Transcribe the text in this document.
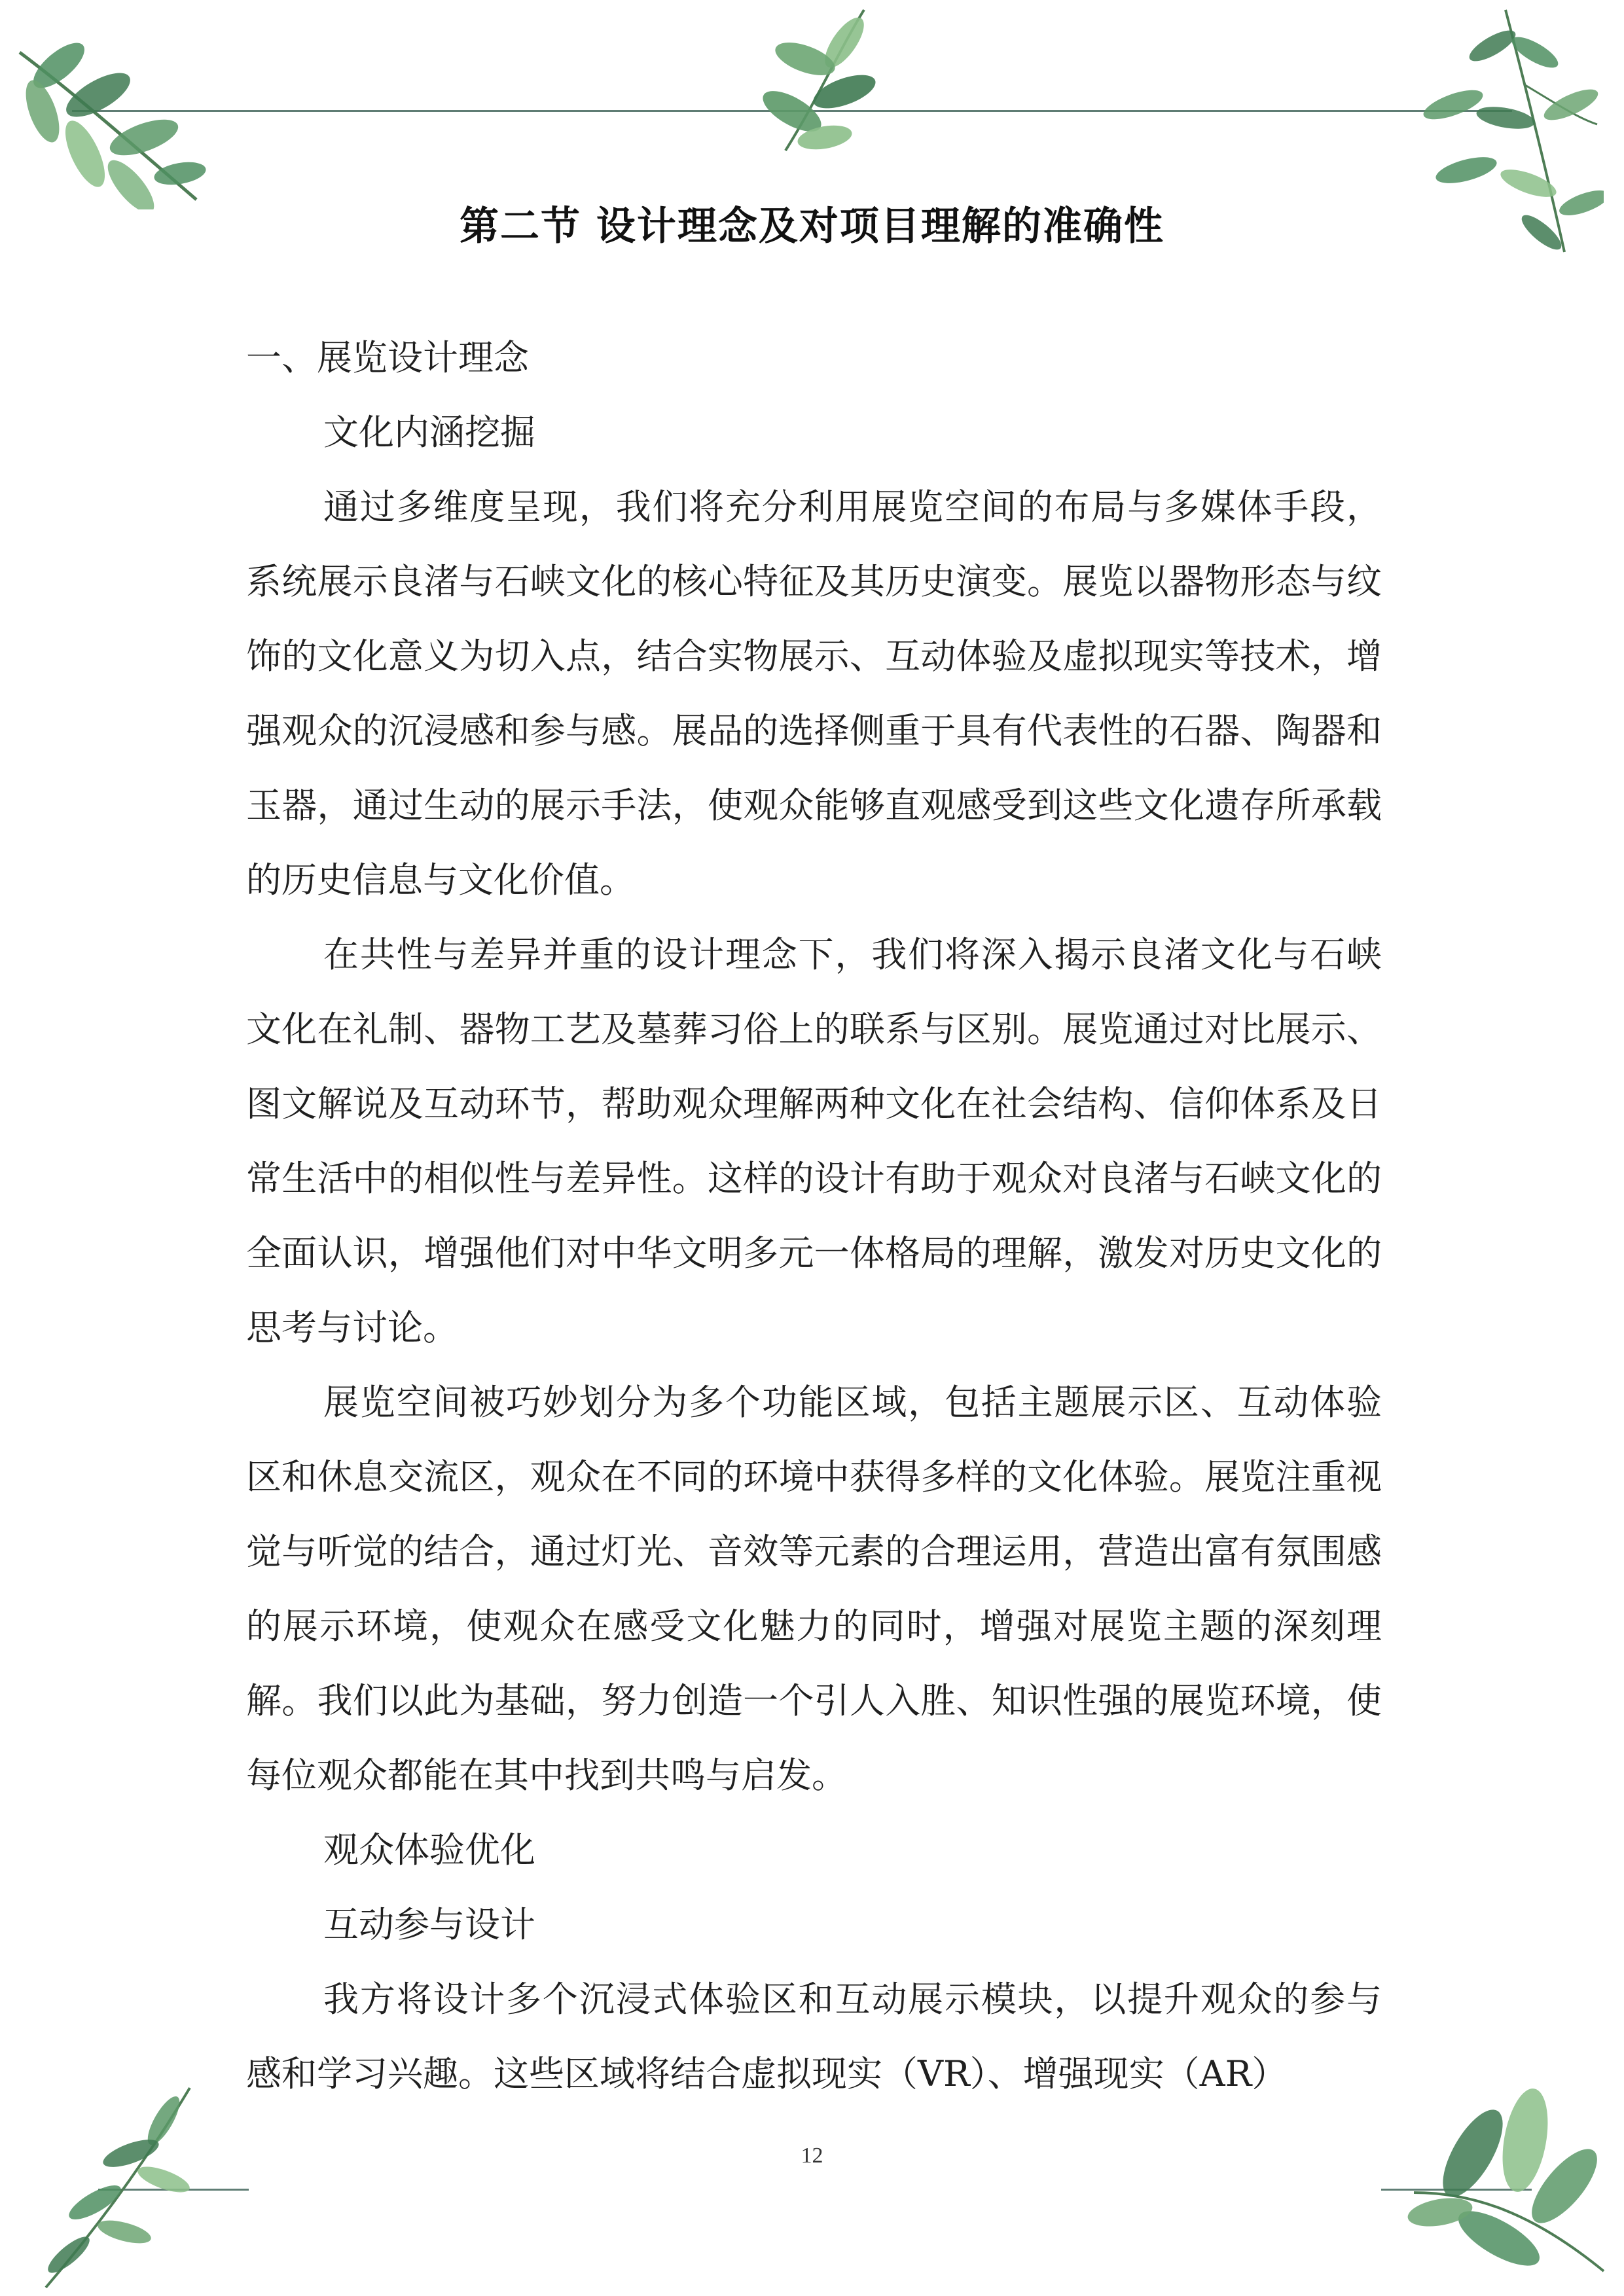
第二节 设计理念及对项目理解的准确性

一、展览设计理念

文化内涵挖掘

通过多维度呈现，我们将充分利用展览空间的布局与多媒体手段，系统展示良渚与石峡文化的核心特征及其历史演变。展览以器物形态与纹饰的文化意义为切入点，结合实物展示、互动体验及虚拟现实等技术，增强观众的沉浸感和参与感。展品的选择侧重于具有代表性的石器、陶器和玉器，通过生动的展示手法，使观众能够直观感受到这些文化遗存所承载的历史信息与文化价值。

在共性与差异并重的设计理念下，我们将深入揭示良渚文化与石峡文化在礼制、器物工艺及墓葬习俗上的联系与区别。展览通过对比展示、图文解说及互动环节，帮助观众理解两种文化在社会结构、信仰体系及日常生活中的相似性与差异性。这样的设计有助于观众对良渚与石峡文化的全面认识，增强他们对中华文明多元一体格局的理解，激发对历史文化的思考与讨论。

展览空间被巧妙划分为多个功能区域，包括主题展示区、互动体验区和休息交流区，观众在不同的环境中获得多样的文化体验。展览注重视觉与听觉的结合，通过灯光、音效等元素的合理运用，营造出富有氛围感的展示环境，使观众在感受文化魅力的同时，增强对展览主题的深刻理解。我们以此为基础，努力创造一个引人入胜、知识性强的展览环境，使每位观众都能在其中找到共鸣与启发。

观众体验优化

互动参与设计

我方将设计多个沉浸式体验区和互动展示模块，以提升观众的参与感和学习兴趣。这些区域将结合虚拟现实（VR）、增强现实（AR）

12
